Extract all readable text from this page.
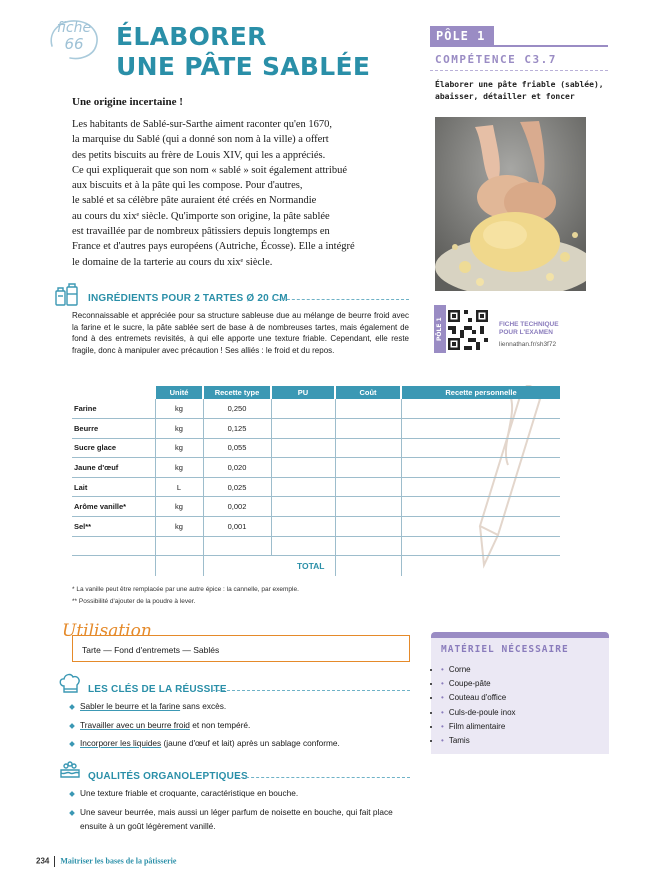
fiche
66	ÉLABORER
UNE PÂTE SABLÉE
PÔLE 1
COMPÉTENCE C3.7
Élaborer une pâte friable (sablée), abaisser, détailler et foncer
PÔLE 1	FICHE TECHNIQUE
POUR L'EXAMEN
liennathan.fr/sh3f72
Une origine incertaine !
Les habitants de Sablé-sur-Sarthe aiment raconter qu'en 1670,
la marquise du Sablé (qui a donné son nom à la ville) a offert
des petits biscuits au frère de Louis XIV, qui les a appréciés.
Ce qui expliquerait que son nom « sablé » soit également attribué
aux biscuits et à la pâte qui les compose. Pour d'autres,
le sablé et sa célèbre pâte auraient été créés en Normandie
au cours du xixᵉ siècle. Qu'importe son origine, la pâte sablée
est travaillée par de nombreux pâtissiers depuis longtemps en
France et d'autres pays européens (Autriche, Écosse). Elle a intégré
le domaine de la tarterie au cours du xixᵉ siècle.
INGRÉDIENTS POUR 2 TARTES Ø 20 CM
Reconnaissable et appréciée pour sa structure sableuse due au mélange de beurre froid avec la farine et le sucre, la pâte sablée sert de base à de nombreuses tartes, mais également de fond à des entremets revisités, à qui elle apporte une texture friable. Cependant, elle reste fragile, donc à manipuler avec précaution ! Ses alliés : le froid et du repos.
	Unité	Recette type	PU	Coût	Recette personnelle
Farine	kg	0,250			
Beurre	kg	0,125			
Sucre glace	kg	0,055			
Jaune d'œuf	kg	0,020			
Lait	L	0,025			
Arôme vanille*	kg	0,002			
Sel**	kg	0,001			

		TOTAL			
* La vanille peut être remplacée par une autre épice : la cannelle, par exemple.
** Possibilité d'ajouter de la poudre à lever.
Utilisation
Tarte — Fond d'entremets — Sablés	MATÉRIEL NÉCESSAIRE
• • Corne
• • Coupe-pâte
• • Couteau d'office
• • Culs-de-poule inox
• • Film alimentaire
• • Tamis
LES CLÉS DE LA RÉUSSITE
Sabler le beurre et la farine sans excès.
Travailler avec un beurre froid et non tempéré.
Incorporer les liquides (jaune d'œuf et lait) après un sablage conforme.
QUALITÉS ORGANOLEPTIQUES
Une texture friable et croquante, caractéristique en bouche.
Une saveur beurrée, mais aussi un léger parfum de noisette en bouche, qui fait place
ensuite à un goût légèrement vanillé.
234 Maîtriser les bases de la pâtisserie
